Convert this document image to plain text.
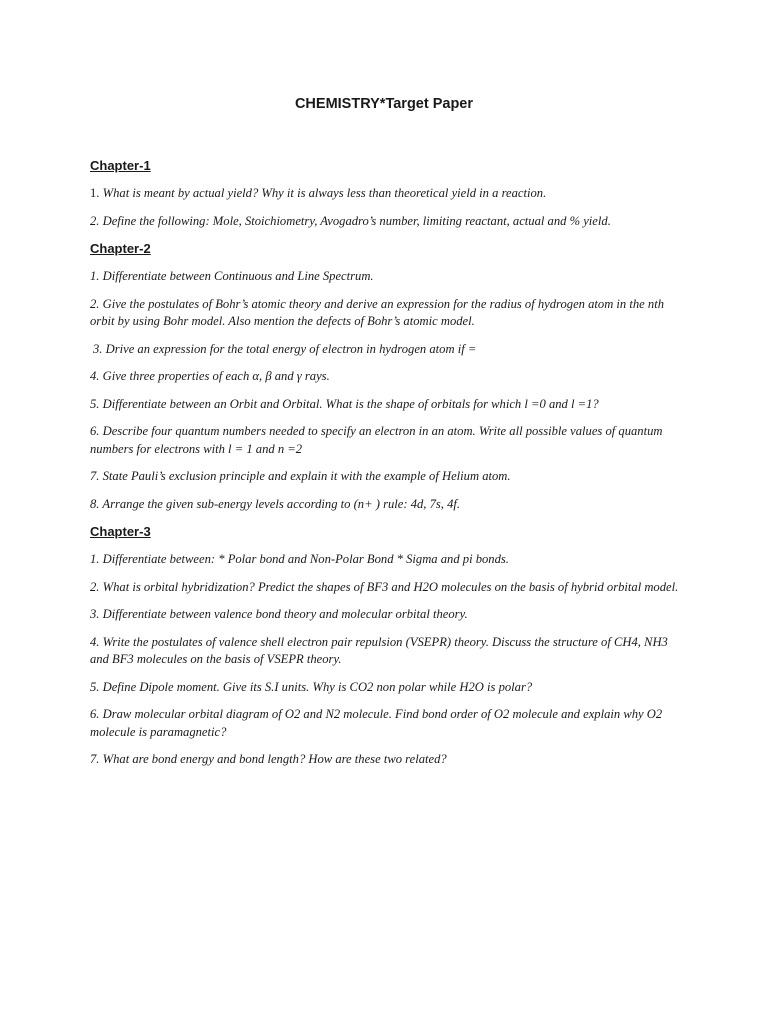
CHEMISTRY*Target Paper
Chapter-1
1. What is meant by actual yield? Why it is always less than theoretical yield in a reaction.
2. Define the following: Mole, Stoichiometry, Avogadro’s number, limiting reactant, actual and % yield.
Chapter-2
1. Differentiate between Continuous and Line Spectrum.
2. Give the postulates of Bohr’s atomic theory and derive an expression for the radius of hydrogen atom in the nth orbit by using Bohr model. Also mention the defects of Bohr’s atomic model.
3. Drive an expression for the total energy of electron in hydrogen atom if =
4. Give three properties of each α, β and γ rays.
5. Differentiate between an Orbit and Orbital. What is the shape of orbitals for which l =0 and l =1?
6. Describe four quantum numbers needed to specify an electron in an atom. Write all possible values of quantum numbers for electrons with l = 1 and n =2
7. State Pauli’s exclusion principle and explain it with the example of Helium atom.
8. Arrange the given sub-energy levels according to (n+ ) rule: 4d, 7s, 4f.
Chapter-3
1. Differentiate between: * Polar bond and Non-Polar Bond * Sigma and pi bonds.
2. What is orbital hybridization? Predict the shapes of BF3 and H2O molecules on the basis of hybrid orbital model.
3. Differentiate between valence bond theory and molecular orbital theory.
4. Write the postulates of valence shell electron pair repulsion (VSEPR) theory. Discuss the structure of CH4, NH3 and BF3 molecules on the basis of VSEPR theory.
5. Define Dipole moment. Give its S.I units. Why is CO2 non polar while H2O is polar?
6. Draw molecular orbital diagram of O2 and N2 molecule. Find bond order of O2 molecule and explain why O2 molecule is paramagnetic?
7. What are bond energy and bond length? How are these two related?
